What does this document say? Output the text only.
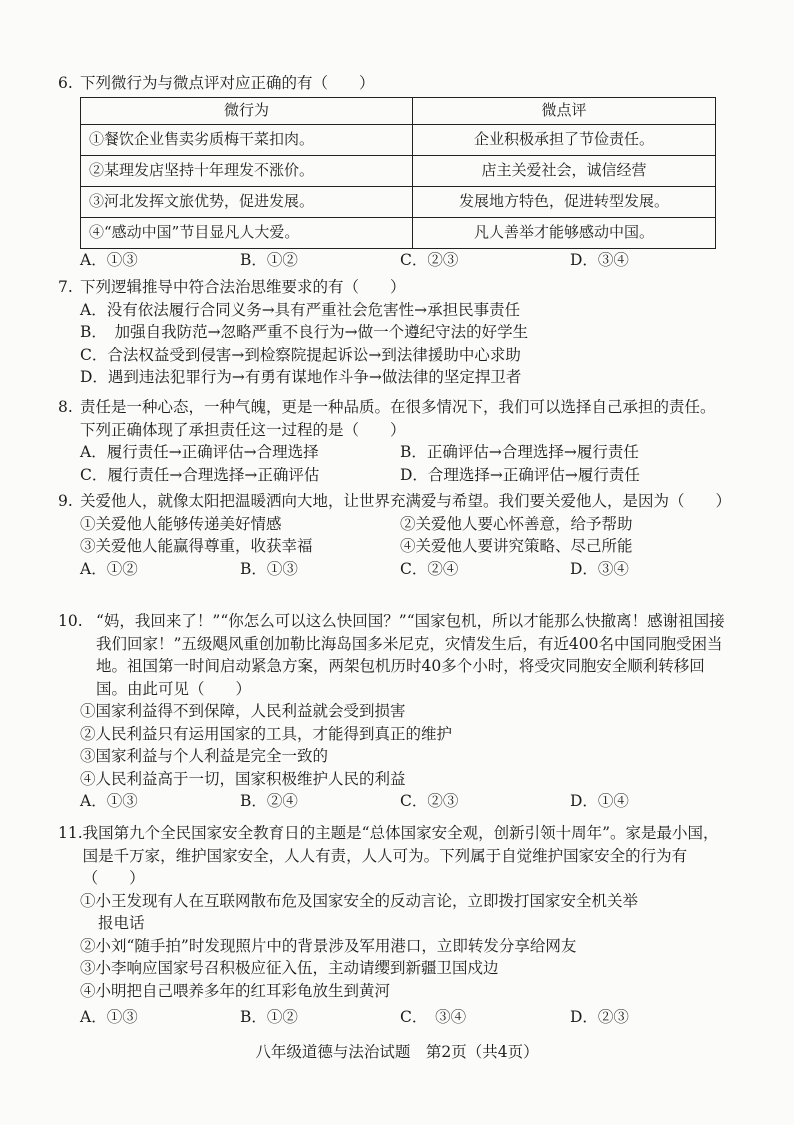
6. 下列微行为与微点评对应正确的有（　　）
微行为	微点评
①餐饮企业售卖劣质梅干菜扣肉。	企业积极承担了节俭责任。
②某理发店坚持十年理发不涨价。	店主关爱社会，诚信经营
③河北发挥文旅优势，促进发展。	发展地方特色，促进转型发展。
④“感动中国”节目显凡人大爱。	凡人善举才能够感动中国。
A．①③	B．①②	C．②③	D．③④
7. 下列逻辑推导中符合法治思维要求的有（　　）
A．没有依法履行合同义务→具有严重社会危害性→承担民事责任
B．　加强自我防范→忽略严重不良行为→做一个遵纪守法的好学生
C．合法权益受到侵害→到检察院提起诉讼→到法律援助中心求助
D．遇到违法犯罪行为→有勇有谋地作斗争→做法律的坚定捍卫者
8. 责任是一种心态，一种气魄，更是一种品质。在很多情况下，我们可以选择自己承担的责任。下列正确体现了承担责任这一过程的是（　　）
A．履行责任→正确评估→合理选择	B．正确评估→合理选择→履行责任
C．履行责任→合理选择→正确评估	D．合理选择→正确评估→履行责任
9. 关爱他人，就像太阳把温暖洒向大地，让世界充满爱与希望。我们要关爱他人，是因为（　　）
①关爱他人能够传递美好情感	②关爱他人要心怀善意，给予帮助
③关爱他人能赢得尊重，收获幸福	④关爱他人要讲究策略、尽己所能
A．①②	B．①③	C．②④	D．③④
10. “妈，我回来了！”“你怎么可以这么快回国？”“国家包机，所以才能那么快撤离！感谢祖国接我们回家！”五级飓风重创加勒比海岛国多米尼克，灾情发生后，有近400名中国同胞受困当地。祖国第一时间启动紧急方案，两架包机历时40多个小时，将受灾同胞安全顺利转移回国。由此可见（　　）
①国家利益得不到保障，人民利益就会受到损害
②人民利益只有运用国家的工具，才能得到真正的维护
③国家利益与个人利益是完全一致的
④人民利益高于一切，国家积极维护人民的利益
A．①③	B．②④	C．②③	D．①④
11. 我国第九个全民国家安全教育日的主题是“总体国家安全观，创新引领十周年”。家是最小国，国是千万家，维护国家安全，人人有责，人人可为。下列属于自觉维护国家安全的行为有（　　）
①小王发现有人在互联网散布危及国家安全的反动言论，立即拨打国家安全机关举
报电话
②小刘“随手拍”时发现照片中的背景涉及军用港口，立即转发分享给网友
③小李响应国家号召积极应征入伍，主动请缨到新疆卫国戍边
④小明把自己喂养多年的红耳彩龟放生到黄河
A．①③	B．①②	C．　③④	D．②③
八年级道德与法治试题　第2页（共4页）
